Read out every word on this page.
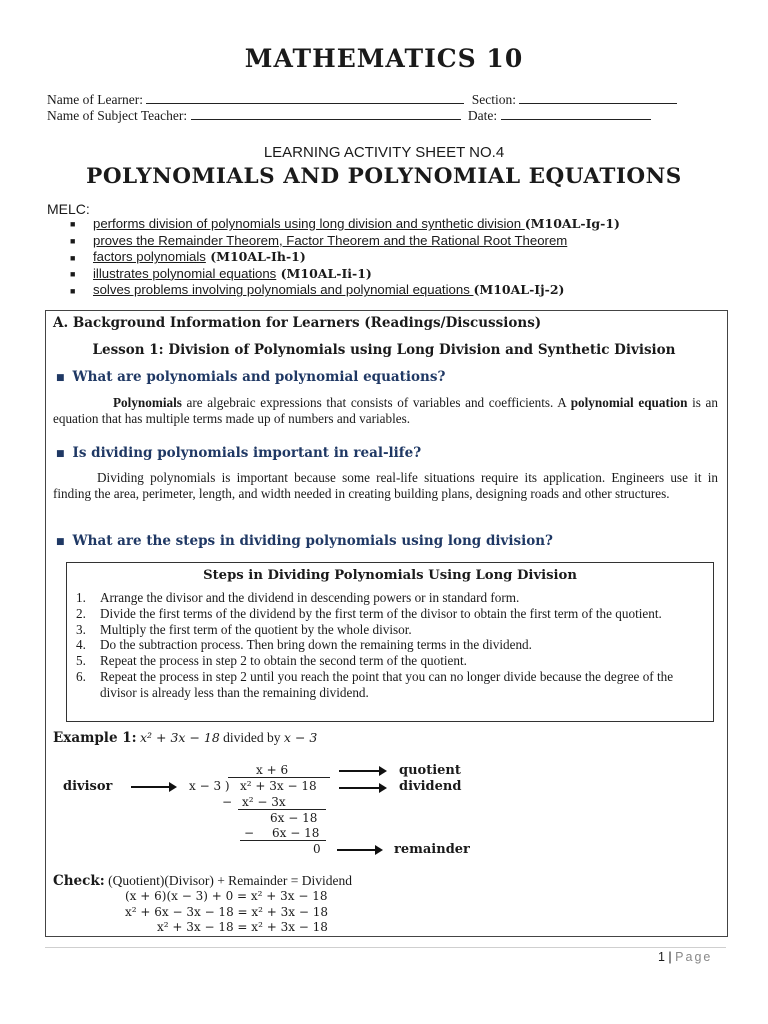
MATHEMATICS 10
Name of Learner:	Section:
Name of Subject Teacher:	Date:
LEARNING ACTIVITY SHEET NO.4
POLYNOMIALS AND POLYNOMIAL EQUATIONS
MELC:
■ performs division of polynomials using long division and synthetic division (M10AL-Ig-1)
■ proves the Remainder Theorem, Factor Theorem and the Rational Root Theorem
■ factors polynomials (M10AL-Ih-1)
■ illustrates polynomial equations (M10AL-Ii-1)
■ solves problems involving polynomials and polynomial equations (M10AL-Ij-2)
A. Background Information for Learners (Readings/Discussions)
Lesson 1: Division of Polynomials using Long Division and Synthetic Division
■ What are polynomials and polynomial equations?
Polynomials are algebraic expressions that consists of variables and coefficients. A polynomial equation is an equation that has multiple terms made up of numbers and variables.
■ Is dividing polynomials important in real-life?
Dividing polynomials is important because some real-life situations require its application. Engineers use it in finding the area, perimeter, length, and width needed in creating building plans, designing roads and other structures.
■ What are the steps in dividing polynomials using long division?
Steps in Dividing Polynomials Using Long Division
1. Arrange the divisor and the dividend in descending powers or in standard form.
2. Divide the first terms of the dividend by the first term of the divisor to obtain the first term of the quotient.
3. Multiply the first term of the quotient by the whole divisor.
4. Do the subtraction process. Then bring down the remaining terms in the dividend.
5. Repeat the process in step 2 to obtain the second term of the quotient.
6. Repeat the process in step 2 until you reach the point that you can no longer divide because the degree of the divisor is already less than the remaining dividend.
Example 1: x² + 3x − 18 divided by x − 3
divisor
x + 6	quotient
x − 3 ) x² + 3x − 18	dividend
− x² − 3x
6x − 18
− 6x − 18
0	remainder
Check: (Quotient)(Divisor) + Remainder = Dividend
(x + 6)(x − 3) + 0 = x² + 3x − 18
x² + 6x − 3x − 18 = x² + 3x − 18
x² + 3x − 18 = x² + 3x − 18
1 | Page
